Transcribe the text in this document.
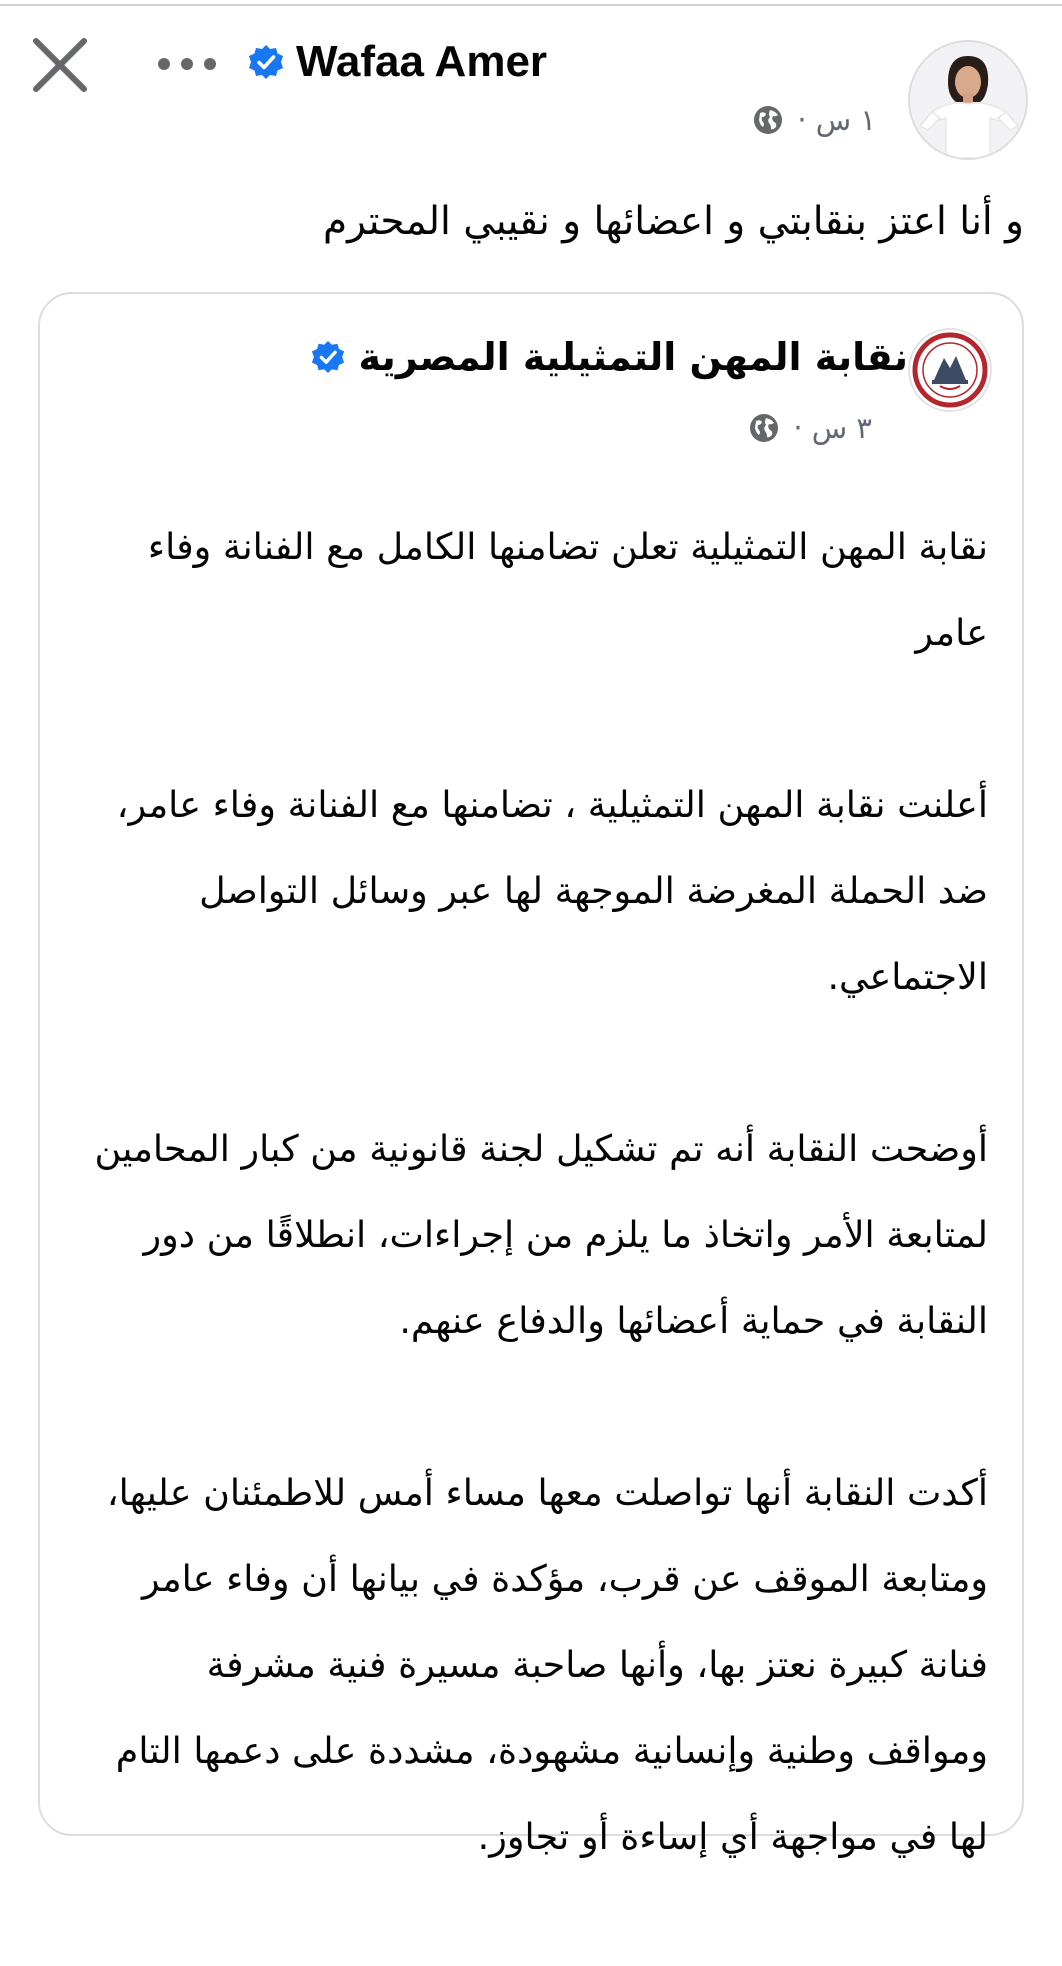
Wafaa Amer
١ س ·
و أنا اعتز بنقابتي و اعضائها و نقيبي المحترم
نقابة المهن التمثيلية المصرية
٣ س ·

نقابة المهن التمثيلية تعلن تضامنها الكامل مع الفنانة وفاء عامر

أعلنت نقابة المهن التمثيلية ، تضامنها مع الفنانة وفاء عامر، ضد الحملة المغرضة الموجهة لها عبر وسائل التواصل الاجتماعي.

أوضحت النقابة أنه تم تشكيل لجنة قانونية من كبار المحامين لمتابعة الأمر واتخاذ ما يلزم من إجراءات، انطلاقًا من دور النقابة في حماية أعضائها والدفاع عنهم.

أكدت النقابة أنها تواصلت معها مساء أمس للاطمئنان عليها، ومتابعة الموقف عن قرب، مؤكدة في بيانها أن وفاء عامر فنانة كبيرة نعتز بها، وأنها صاحبة مسيرة فنية مشرفة ومواقف وطنية وإنسانية مشهودة، مشددة على دعمها التام لها في مواجهة أي إساءة أو تجاوز.
